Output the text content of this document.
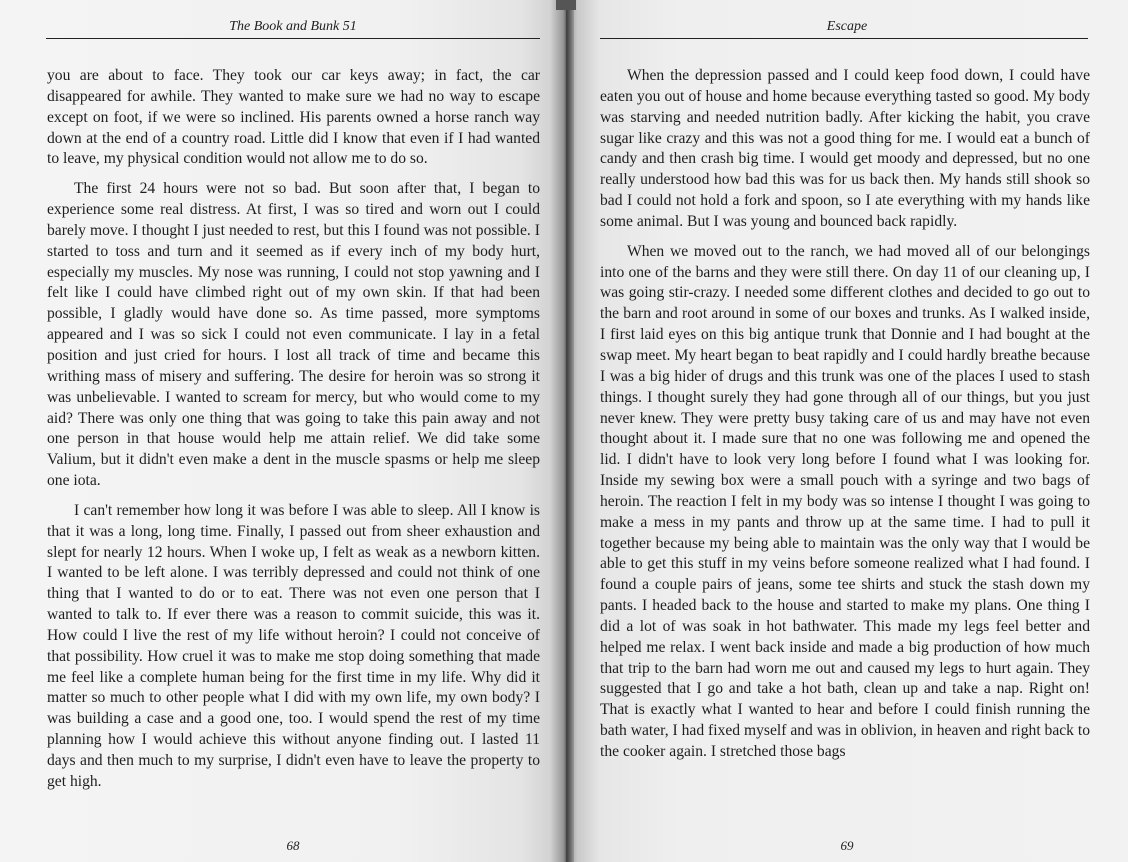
The Book and Bunk 51

you are about to face. They took our car keys away; in fact, the car disappeared for awhile. They wanted to make sure we had no way to escape except on foot, if we were so inclined. His parents owned a horse ranch way down at the end of a country road. Little did I know that even if I had wanted to leave, my physical condition would not allow me to do so.

The first 24 hours were not so bad. But soon after that, I began to experience some real distress. At first, I was so tired and worn out I could barely move. I thought I just needed to rest, but this I found was not possible. I started to toss and turn and it seemed as if every inch of my body hurt, especially my muscles. My nose was running, I could not stop yawning and I felt like I could have climbed right out of my own skin. If that had been possible, I gladly would have done so. As time passed, more symptoms appeared and I was so sick I could not even communicate. I lay in a fetal position and just cried for hours. I lost all track of time and became this writhing mass of misery and suffering. The desire for heroin was so strong it was unbelievable. I wanted to scream for mercy, but who would come to my aid? There was only one thing that was going to take this pain away and not one person in that house would help me attain relief. We did take some Valium, but it didn't even make a dent in the muscle spasms or help me sleep one iota.

I can't remember how long it was before I was able to sleep. All I know is that it was a long, long time. Finally, I passed out from sheer exhaustion and slept for nearly 12 hours. When I woke up, I felt as weak as a newborn kitten. I wanted to be left alone. I was terribly depressed and could not think of one thing that I wanted to do or to eat. There was not even one person that I wanted to talk to. If ever there was a reason to commit suicide, this was it. How could I live the rest of my life without heroin? I could not conceive of that possibility. How cruel it was to make me stop doing something that made me feel like a complete human being for the first time in my life. Why did it matter so much to other people what I did with my own life, my own body? I was building a case and a good one, too. I would spend the rest of my time planning how I would achieve this without anyone finding out. I lasted 11 days and then much to my surprise, I didn't even have to leave the property to get high.

68
Escape

When the depression passed and I could keep food down, I could have eaten you out of house and home because everything tasted so good. My body was starving and needed nutrition badly. After kicking the habit, you crave sugar like crazy and this was not a good thing for me. I would eat a bunch of candy and then crash big time. I would get moody and depressed, but no one really understood how bad this was for us back then. My hands still shook so bad I could not hold a fork and spoon, so I ate everything with my hands like some animal. But I was young and bounced back rapidly.

When we moved out to the ranch, we had moved all of our belongings into one of the barns and they were still there. On day 11 of our cleaning up, I was going stir-crazy. I needed some different clothes and decided to go out to the barn and root around in some of our boxes and trunks. As I walked inside, I first laid eyes on this big antique trunk that Donnie and I had bought at the swap meet. My heart began to beat rapidly and I could hardly breathe because I was a big hider of drugs and this trunk was one of the places I used to stash things. I thought surely they had gone through all of our things, but you just never knew. They were pretty busy taking care of us and may have not even thought about it. I made sure that no one was following me and opened the lid. I didn't have to look very long before I found what I was looking for. Inside my sewing box were a small pouch with a syringe and two bags of heroin. The reaction I felt in my body was so intense I thought I was going to make a mess in my pants and throw up at the same time. I had to pull it together because my being able to maintain was the only way that I would be able to get this stuff in my veins before someone realized what I had found. I found a couple pairs of jeans, some tee shirts and stuck the stash down my pants. I headed back to the house and started to make my plans. One thing I did a lot of was soak in hot bathwater. This made my legs feel better and helped me relax. I went back inside and made a big production of how much that trip to the barn had worn me out and caused my legs to hurt again. They suggested that I go and take a hot bath, clean up and take a nap. Right on! That is exactly what I wanted to hear and before I could finish running the bath water, I had fixed myself and was in oblivion, in heaven and right back to the cooker again. I stretched those bags

69
